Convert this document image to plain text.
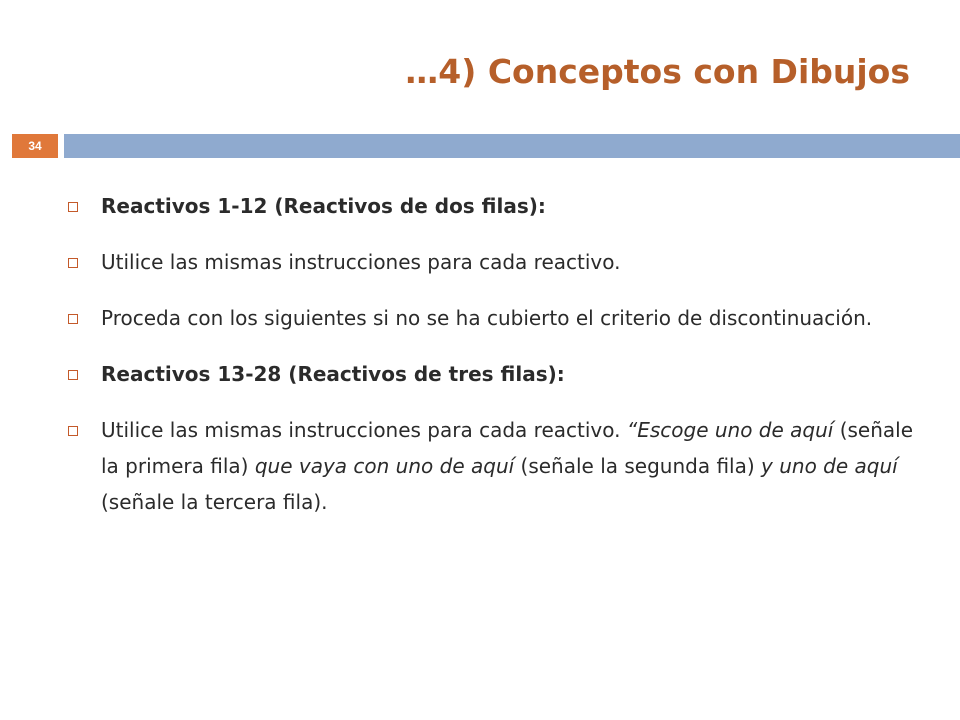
…4) Conceptos con Dibujos
34
Reactivos 1-12 (Reactivos de dos filas):
Utilice las mismas instrucciones para cada reactivo.
Proceda con los siguientes si no se ha cubierto el criterio de discontinuación.
Reactivos 13-28 (Reactivos de tres filas):
Utilice las mismas instrucciones para cada reactivo. “Escoge uno de aquí (señale la primera fila) que vaya con uno de aquí (señale la segunda fila) y uno de aquí (señale la tercera fila).
